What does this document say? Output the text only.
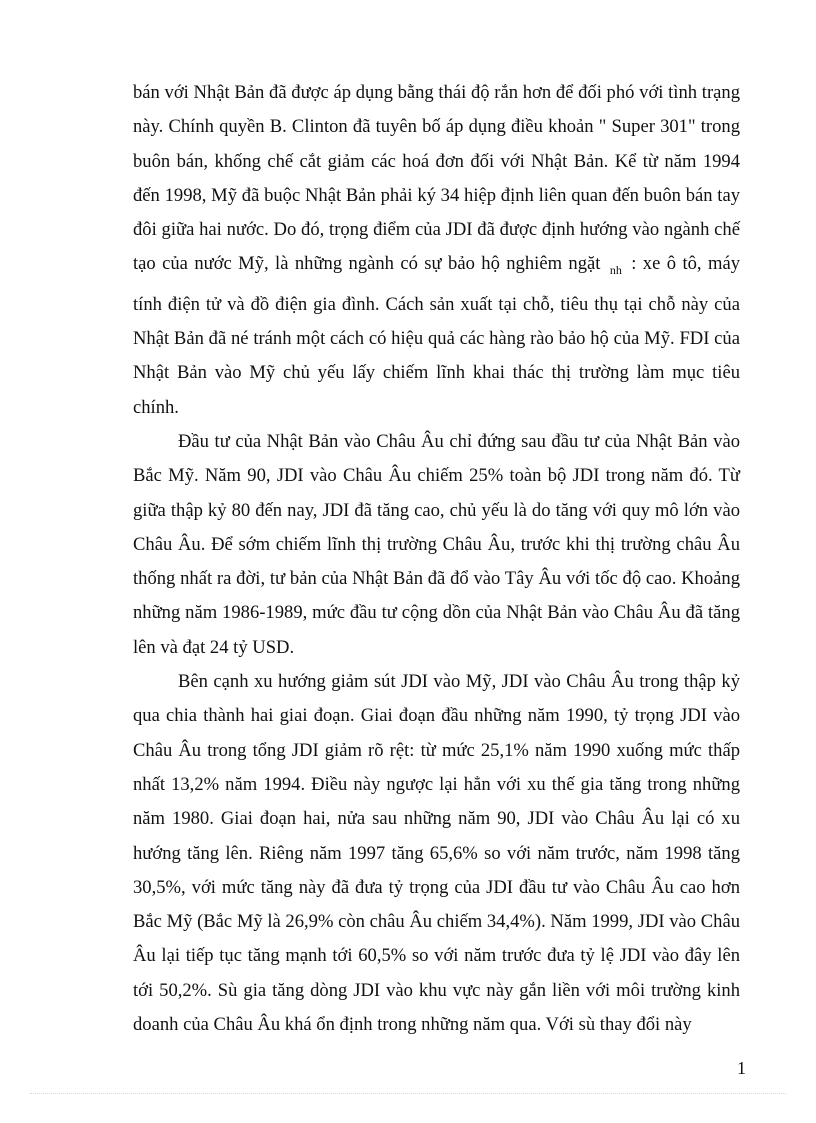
bán với Nhật Bản đã được áp dụng bằng thái độ rắn hơn để đối phó với tình trạng này. Chính quyền B. Clinton đã tuyên bố áp dụng điều khoản " Super 301" trong buôn bán, khống chế cắt giảm các hoá đơn đối với Nhật Bản. Kể từ năm 1994 đến 1998, Mỹ đã buộc Nhật Bản phải ký 34 hiệp định liên quan đến buôn bán tay đôi giữa hai nước. Do đó, trọng điểm của JDI đã được định hướng vào ngành chế tạo của nước Mỹ, là những ngành có sự bảo hộ nghiêm ngặt $_{nh}$ : xe ô tô, máy tính điện tử và đồ điện gia đình. Cách sản xuất tại chỗ, tiêu thụ tại chỗ này của Nhật Bản đã né tránh một cách có hiệu quả các hàng rào bảo hộ của Mỹ. FDI của Nhật Bản vào Mỹ chủ yếu lấy chiếm lĩnh khai thác thị trường làm mục tiêu chính.

Đầu tư của Nhật Bản vào Châu Âu chỉ đứng sau đầu tư của Nhật Bản vào Bắc Mỹ. Năm 90, JDI vào Châu Âu chiếm 25% toàn bộ JDI trong năm đó. Từ giữa thập kỷ 80 đến nay, JDI đã tăng cao, chủ yếu là do tăng với quy mô lớn vào Châu Âu. Để sớm chiếm lĩnh thị trường Châu Âu, trước khi thị trường châu Âu thống nhất ra đời, tư bản của Nhật Bản đã đổ vào Tây Âu với tốc độ cao. Khoảng những năm 1986-1989, mức đầu tư cộng dồn của Nhật Bản vào Châu Âu đã tăng lên và đạt 24 tỷ USD.

Bên cạnh xu hướng giảm sút JDI vào Mỹ, JDI vào Châu Âu trong thập kỷ qua chia thành hai giai đoạn. Giai đoạn đầu những năm 1990, tỷ trọng JDI vào Châu Âu trong tổng JDI giảm rõ rệt: từ mức 25,1% năm 1990 xuống mức thấp nhất 13,2% năm 1994. Điều này ngược lại hẳn với xu thế gia tăng trong những năm 1980. Giai đoạn hai, nửa sau những năm 90, JDI vào Châu Âu lại có xu hướng tăng lên. Riêng năm 1997 tăng 65,6% so với năm trước, năm 1998 tăng 30,5%, với mức tăng này đã đưa tỷ trọng của JDI đầu tư vào Châu Âu cao hơn Bắc Mỹ (Bắc Mỹ là 26,9% còn châu Âu chiếm 34,4%). Năm 1999, JDI vào Châu Âu lại tiếp tục tăng mạnh tới 60,5% so với năm trước đưa tỷ lệ JDI vào đây lên tới 50,2%. Sù gia tăng dòng JDI vào khu vực này gắn liền với môi trường kinh doanh của Châu Âu khá ổn định trong những năm qua. Với sù thay đổi này

1
